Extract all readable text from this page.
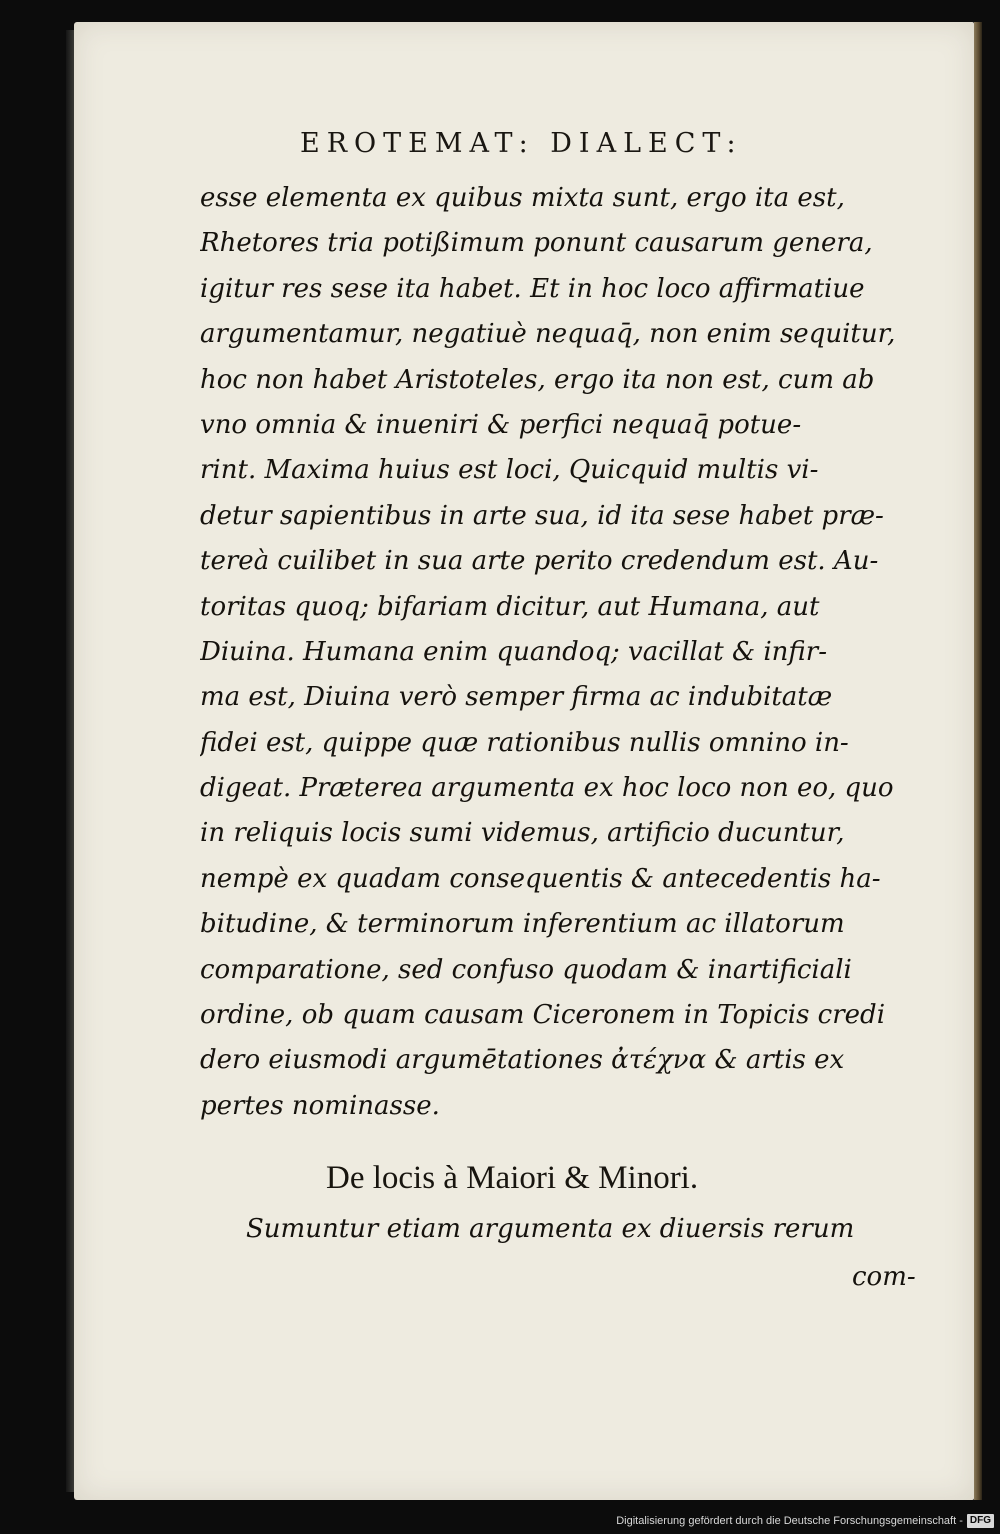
EROTEMAT: DIALECT:
esse elementa ex quibus mixta sunt, ergo ita est,
Rhetores tria potißimum ponunt causarum genera,
igitur res sese ita habet. Et in hoc loco affirmatiue
argumentamur, negatiuè nequaq̄, non enim sequitur,
hoc non habet Aristoteles, ergo ita non est, cum ab
vno omnia & inueniri & perfici nequaq̄ potue-
rint. Maxima huius est loci, Quicquid multis vi-
detur sapientibus in arte sua, id ita sese habet præ-
tereà cuilibet in sua arte perito credendum est. Au-
toritas quoq; bifariam dicitur, aut Humana, aut
Diuina. Humana enim quandoq; vacillat & infir-
ma est, Diuina verò semper firma ac indubitatæ
fidei est, quippe quæ rationibus nullis omnino in-
digeat. Præterea argumenta ex hoc loco non eo, quo
in reliquis locis sumi videmus, artificio ducuntur,
nempè ex quadam consequentis & antecedentis ha-
bitudine, & terminorum inferentium ac illatorum
comparatione, sed confuso quodam & inartificiali
ordine, ob quam causam Ciceronem in Topicis credi
dero eiusmodi argumētationes ἀτέχνα & artis ex
pertes nominasse.
De locis à Maiori & Minori.
Sumuntur etiam argumenta ex diuersis rerum
com-
Digitalisierung gefördert durch die Deutsche Forschungsgemeinschaft - DFG
